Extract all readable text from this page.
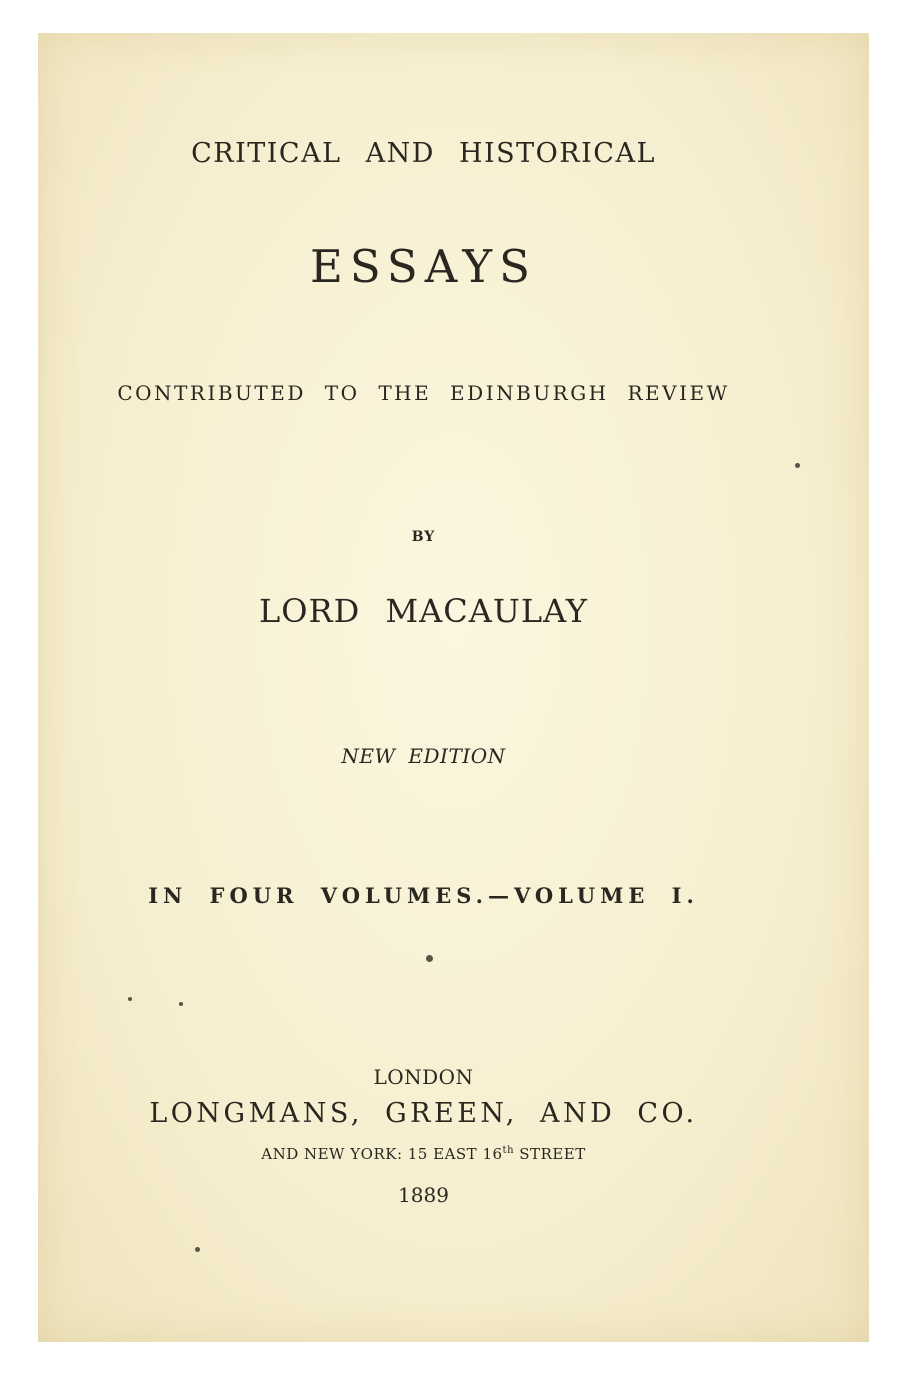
CRITICAL AND HISTORICAL
ESSAYS
CONTRIBUTED TO THE EDINBURGH REVIEW
BY
LORD MACAULAY
NEW EDITION
IN FOUR VOLUMES.—VOLUME I.
LONDON
LONGMANS, GREEN, AND CO.
AND NEW YORK: 15 EAST 16th STREET
1889
